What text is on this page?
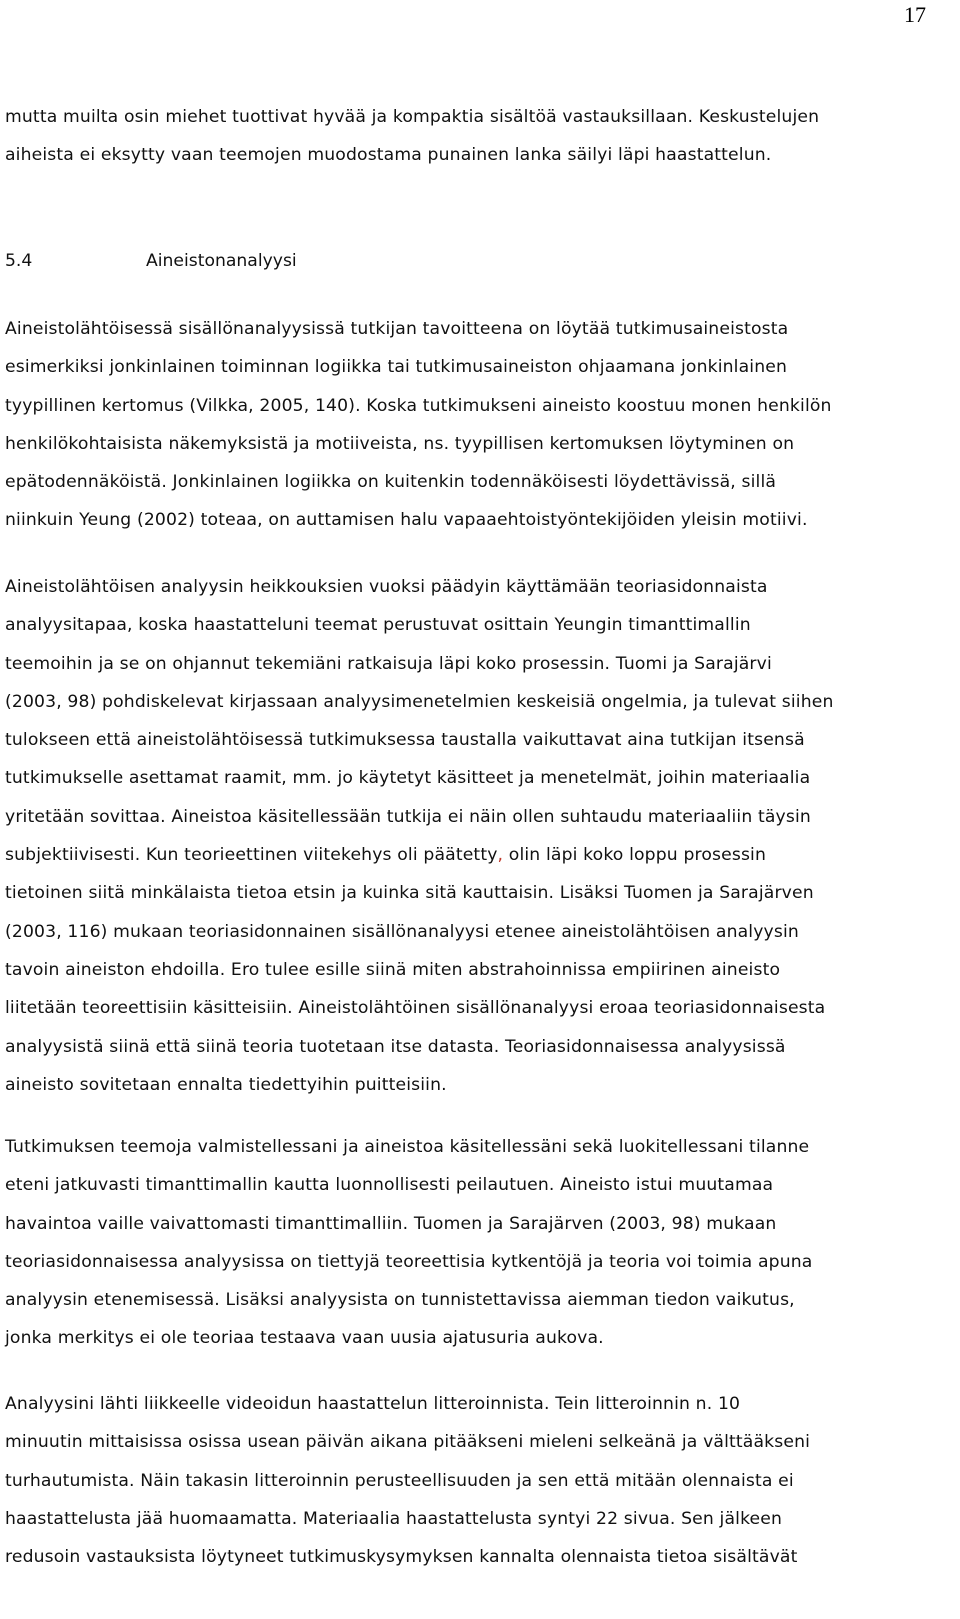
17
mutta muilta osin miehet tuottivat hyvää ja kompaktia sisältöä vastauksillaan. Keskustelujen
aiheista ei eksytty vaan teemojen muodostama punainen lanka säilyi läpi haastattelun.
5.4	Aineistonanalyysi
Aineistolähtöisessä sisällönanalyysissä tutkijan tavoitteena on löytää tutkimusaineistosta
esimerkiksi jonkinlainen toiminnan logiikka tai tutkimusaineiston ohjaamana jonkinlainen
tyypillinen kertomus (Vilkka, 2005, 140). Koska tutkimukseni aineisto koostuu monen henkilön
henkilökohtaisista näkemyksistä ja motiiveista, ns. tyypillisen kertomuksen löytyminen on
epätodennäköistä. Jonkinlainen logiikka on kuitenkin todennäköisesti löydettävissä, sillä
niinkuin Yeung (2002) toteaa, on auttamisen halu vapaaehtoistyöntekijöiden yleisin motiivi.
Aineistolähtöisen analyysin heikkouksien vuoksi päädyin käyttämään teoriasidonnaista
analyysitapaa, koska haastatteluni teemat perustuvat osittain Yeungin timanttimallin
teemoihin ja se on ohjannut tekemiäni ratkaisuja läpi koko prosessin. Tuomi ja Sarajärvi
(2003, 98) pohdiskelevat kirjassaan analyysimenetelmien keskeisiä ongelmia, ja tulevat siihen
tulokseen että aineistolähtöisessä tutkimuksessa taustalla vaikuttavat aina tutkijan itsensä
tutkimukselle asettamat raamit, mm. jo käytetyt käsitteet ja menetelmät, joihin materiaalia
yritetään sovittaa. Aineistoa käsitellessään tutkija ei näin ollen suhtaudu materiaaliin täysin
subjektiivisesti. Kun teorieettinen viitekehys oli päätetty, olin läpi koko loppu prosessin
tietoinen siitä minkälaista tietoa etsin ja kuinka sitä kauttaisin. Lisäksi Tuomen ja Sarajärven
(2003, 116) mukaan teoriasidonnainen sisällönanalyysi etenee aineistolähtöisen analyysin
tavoin aineiston ehdoilla. Ero tulee esille siinä miten abstrahoinnissa empiirinen aineisto
liitetään teoreettisiin käsitteisiin. Aineistolähtöinen sisällönanalyysi eroaa teoriasidonnaisesta
analyysistä siinä että siinä teoria tuotetaan itse datasta. Teoriasidonnaisessa analyysissä
aineisto sovitetaan ennalta tiedettyihin puitteisiin.
Tutkimuksen teemoja valmistellessani ja aineistoa käsitellessäni sekä luokitellessani tilanne
eteni jatkuvasti timanttimallin kautta luonnollisesti peilautuen. Aineisto istui muutamaa
havaintoa vaille vaivattomasti timanttimalliin. Tuomen ja Sarajärven (2003, 98) mukaan
teoriasidonnaisessa analyysissa on tiettyjä teoreettisia kytkentöjä ja teoria voi toimia apuna
analyysin etenemisessä. Lisäksi analyysista on tunnistettavissa aiemman tiedon vaikutus,
jonka merkitys ei ole teoriaa testaava vaan uusia ajatusuria aukova.
Analyysini lähti liikkeelle videoidun haastattelun litteroinnista. Tein litteroinnin n. 10
minuutin mittaisissa osissa usean päivän aikana pitääkseni mieleni selkeänä ja välttääkseni
turhautumista. Näin takasin litteroinnin perusteellisuuden ja sen että mitään olennaista ei
haastattelusta jää huomaamatta. Materiaalia haastattelusta syntyi 22 sivua. Sen jälkeen
redusoin vastauksista löytyneet tutkimuskysymyksen kannalta olennaista tietoa sisältävät
